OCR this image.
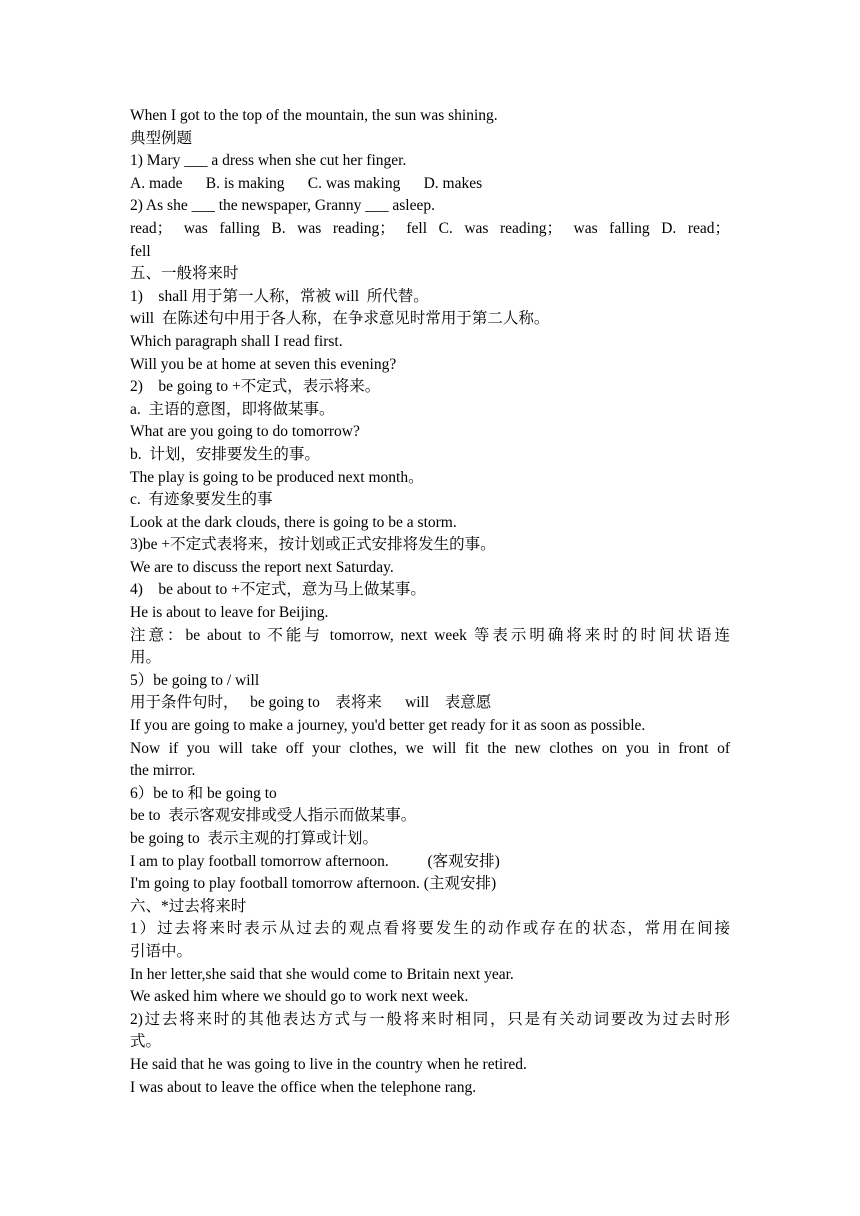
When I got to the top of the mountain, the sun was shining.
典型例题
1) Mary ___ a dress when she cut her finger.
A. made      B. is making      C. was making      D. makes
2) As she ___ the newspaper, Granny ___ asleep.
read； was falling B. was reading； fell C. was reading； was falling D. read；
fell
五、一般将来时
1)    shall 用于第一人称，常被 will  所代替。
will  在陈述句中用于各人称，在争求意见时常用于第二人称。
Which paragraph shall I read first.
Will you be at home at seven this evening?
2)    be going to +不定式，表示将来。
a.  主语的意图，即将做某事。
What are you going to do tomorrow?
b.  计划，安排要发生的事。
The play is going to be produced next month。
c.  有迹象要发生的事
Look at the dark clouds, there is going to be a storm.
3)be +不定式表将来，按计划或正式安排将发生的事。
We are to discuss the report next Saturday.
4)    be about to +不定式，意为马上做某事。
He is about to leave for Beijing.
注意：be about to 不能与 tomorrow, next week 等表示明确将来时的时间状语连
用。
5）be going to / will
用于条件句时，   be going to    表将来      will    表意愿
If you are going to make a journey, you'd better get ready for it as soon as possible.
Now if you will take off your clothes, we will fit the new clothes on you in front of
the mirror.
6）be to 和 be going to
be to  表示客观安排或受人指示而做某事。
be going to  表示主观的打算或计划。
I am to play football tomorrow afternoon.          (客观安排)
I'm going to play football tomorrow afternoon. (主观安排)
六、*过去将来时
1）过去将来时表示从过去的观点看将要发生的动作或存在的状态，常用在间接
引语中。
In her letter,she said that she would come to Britain next year.
We asked him where we should go to work next week.
2)过去将来时的其他表达方式与一般将来时相同，只是有关动词要改为过去时形
式。
He said that he was going to live in the country when he retired.
I was about to leave the office when the telephone rang.
